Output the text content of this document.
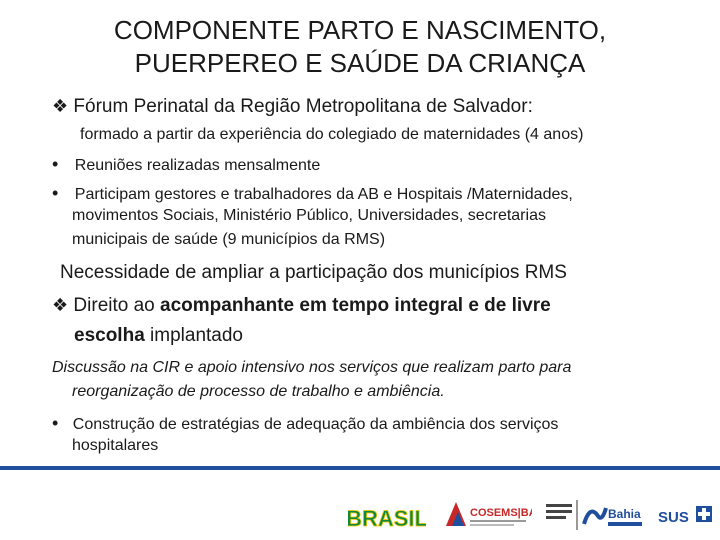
COMPONENTE PARTO E NASCIMENTO,
PUERPEREO E SAÚDE DA CRIANÇA
❖ Fórum Perinatal da Região Metropolitana de Salvador:
formado a partir da experiência do colegiado de maternidades (4 anos)
• Reuniões realizadas mensalmente
• Participam gestores e trabalhadores da AB e Hospitais /Maternidades,
movimentos Sociais, Ministério Público, Universidades, secretarias
municipais de saúde (9 municípios da RMS)
Necessidade de ampliar a participação dos municípios RMS
❖ Direito ao acompanhante em tempo integral e de livre
escolha implantado
Discussão na CIR e apoio intensivo nos serviços que realizam parto para
reorganização de processo de trabalho e ambiência.
• Construção de estratégias de adequação da ambiência dos serviços
hospitalares
BRASIL	COSEMS|BA	Bahia SUS
